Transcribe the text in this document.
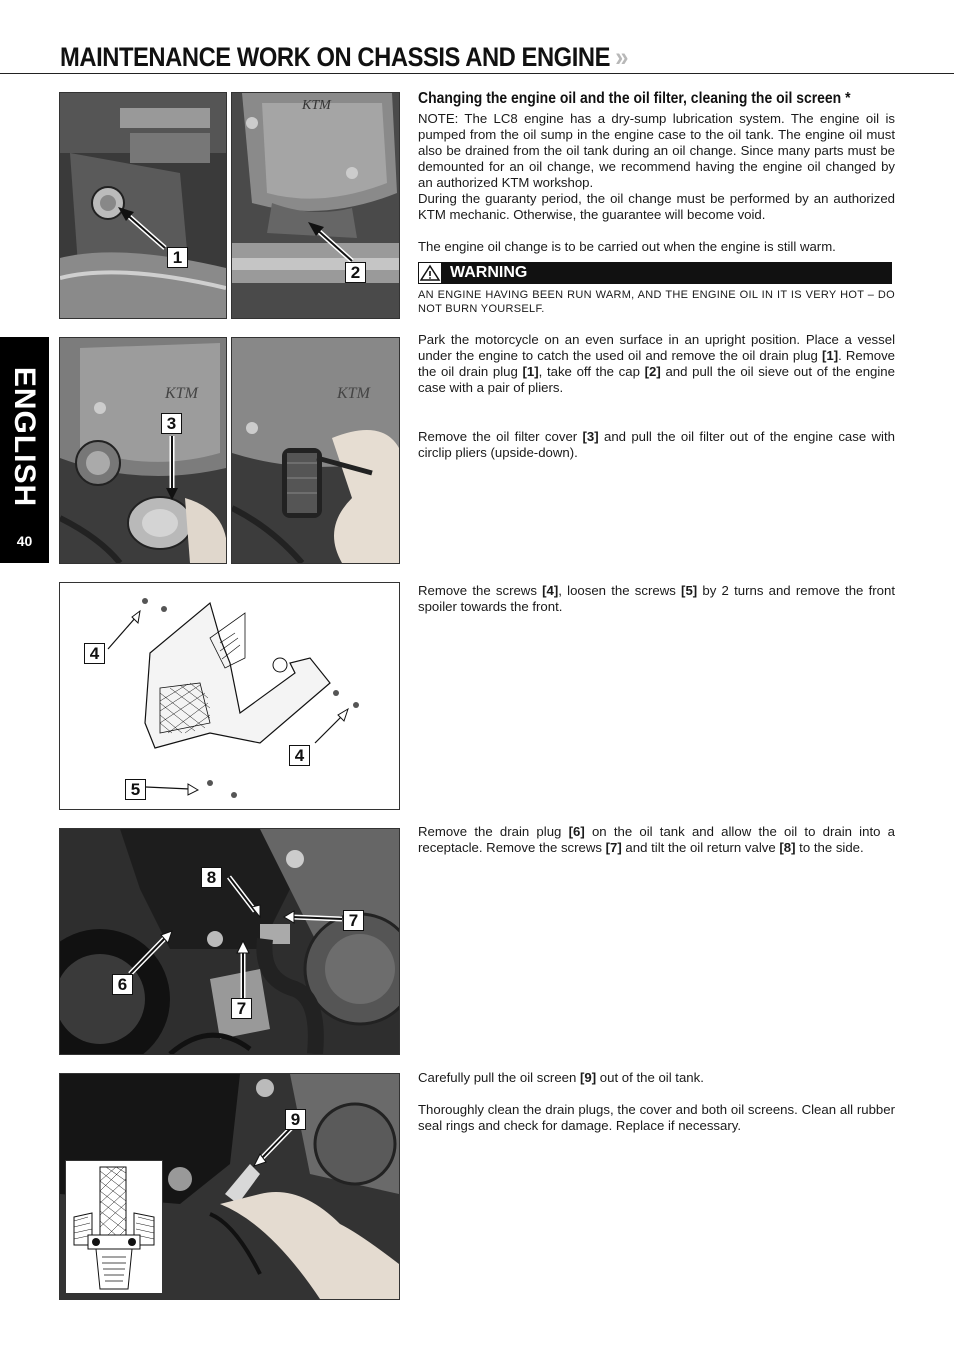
MAINTENANCE WORK ON CHASSIS AND ENGINE »
ENGLISH
40
1
KTM
2
KTM
3
KTM
4
4
5
8
7
6
7
9
Changing the engine oil and the oil filter, cleaning the oil screen *

NOTE: The LC8 engine has a dry-sump lubrication system. The engine oil is pumped from the oil sump in the engine case to the oil tank. The engine oil must also be drained from the oil tank during an oil change. Since many parts must be demounted for an oil change, we recommend having the engine oil changed by an authorized KTM workshop.

During the guaranty period, the oil change must be performed by an authorized KTM mechanic. Otherwise, the guarantee will become void.

The engine oil change is to be carried out when the engine is still warm.

WARNING
AN ENGINE HAVING BEEN RUN WARM, AND THE ENGINE OIL IN IT IS VERY HOT – DO NOT BURN YOURSELF.

Park the motorcycle on an even surface in an upright position. Place a vessel under the engine to catch the used oil and remove the oil drain plug [1]. Remove the oil drain plug [1], take off the cap [2] and pull the oil sieve out of the engine case with a pair of pliers.

Remove the oil filter cover [3] and pull the oil filter out of the engine case with circlip pliers (upside-down).

Remove the screws [4], loosen the screws [5] by 2 turns and remove the front spoiler towards the front.

Remove the drain plug [6] on the oil tank and allow the oil to drain into a receptacle. Remove the screws [7] and tilt the oil return valve [8] to the side.

Carefully pull the oil screen [9] out of the oil tank.

Thoroughly clean the drain plugs, the cover and both oil screens. Clean all rubber seal rings and check for damage. Replace if necessary.
